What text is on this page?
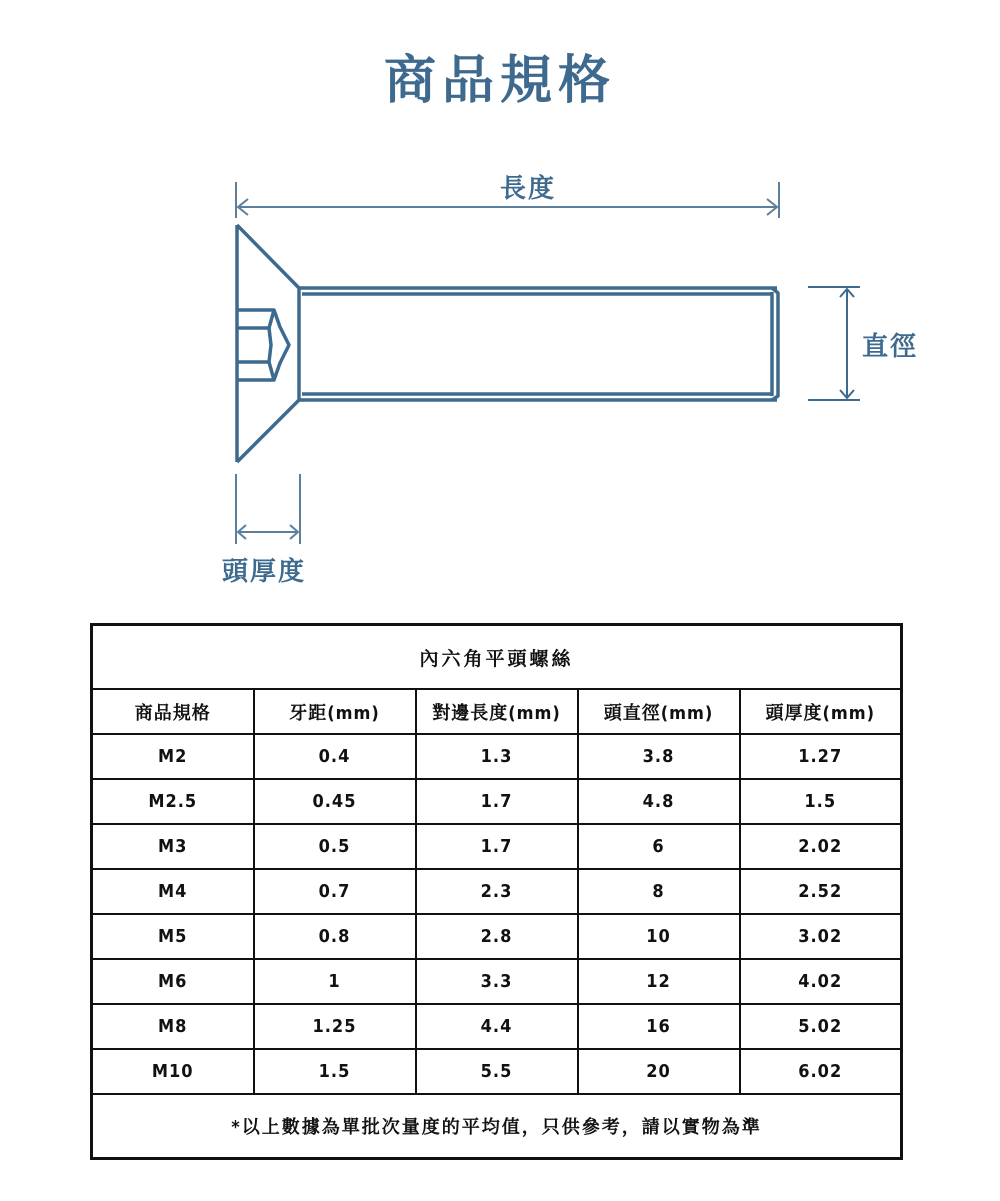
商品規格
長度
直徑
頭厚度
內六角平頭螺絲				
商品規格	牙距(mm)	對邊長度(mm)	頭直徑(mm)	頭厚度(mm)
M2	0.4	1.3	3.8	1.27
M2.5	0.45	1.7	4.8	1.5
M3	0.5	1.7	6	2.02
M4	0.7	2.3	8	2.52
M5	0.8	2.8	10	3.02
M6	1	3.3	12	4.02
M8	1.25	4.4	16	5.02
M10	1.5	5.5	20	6.02
*以上數據為單批次量度的平均值，只供參考，請以實物為準				
